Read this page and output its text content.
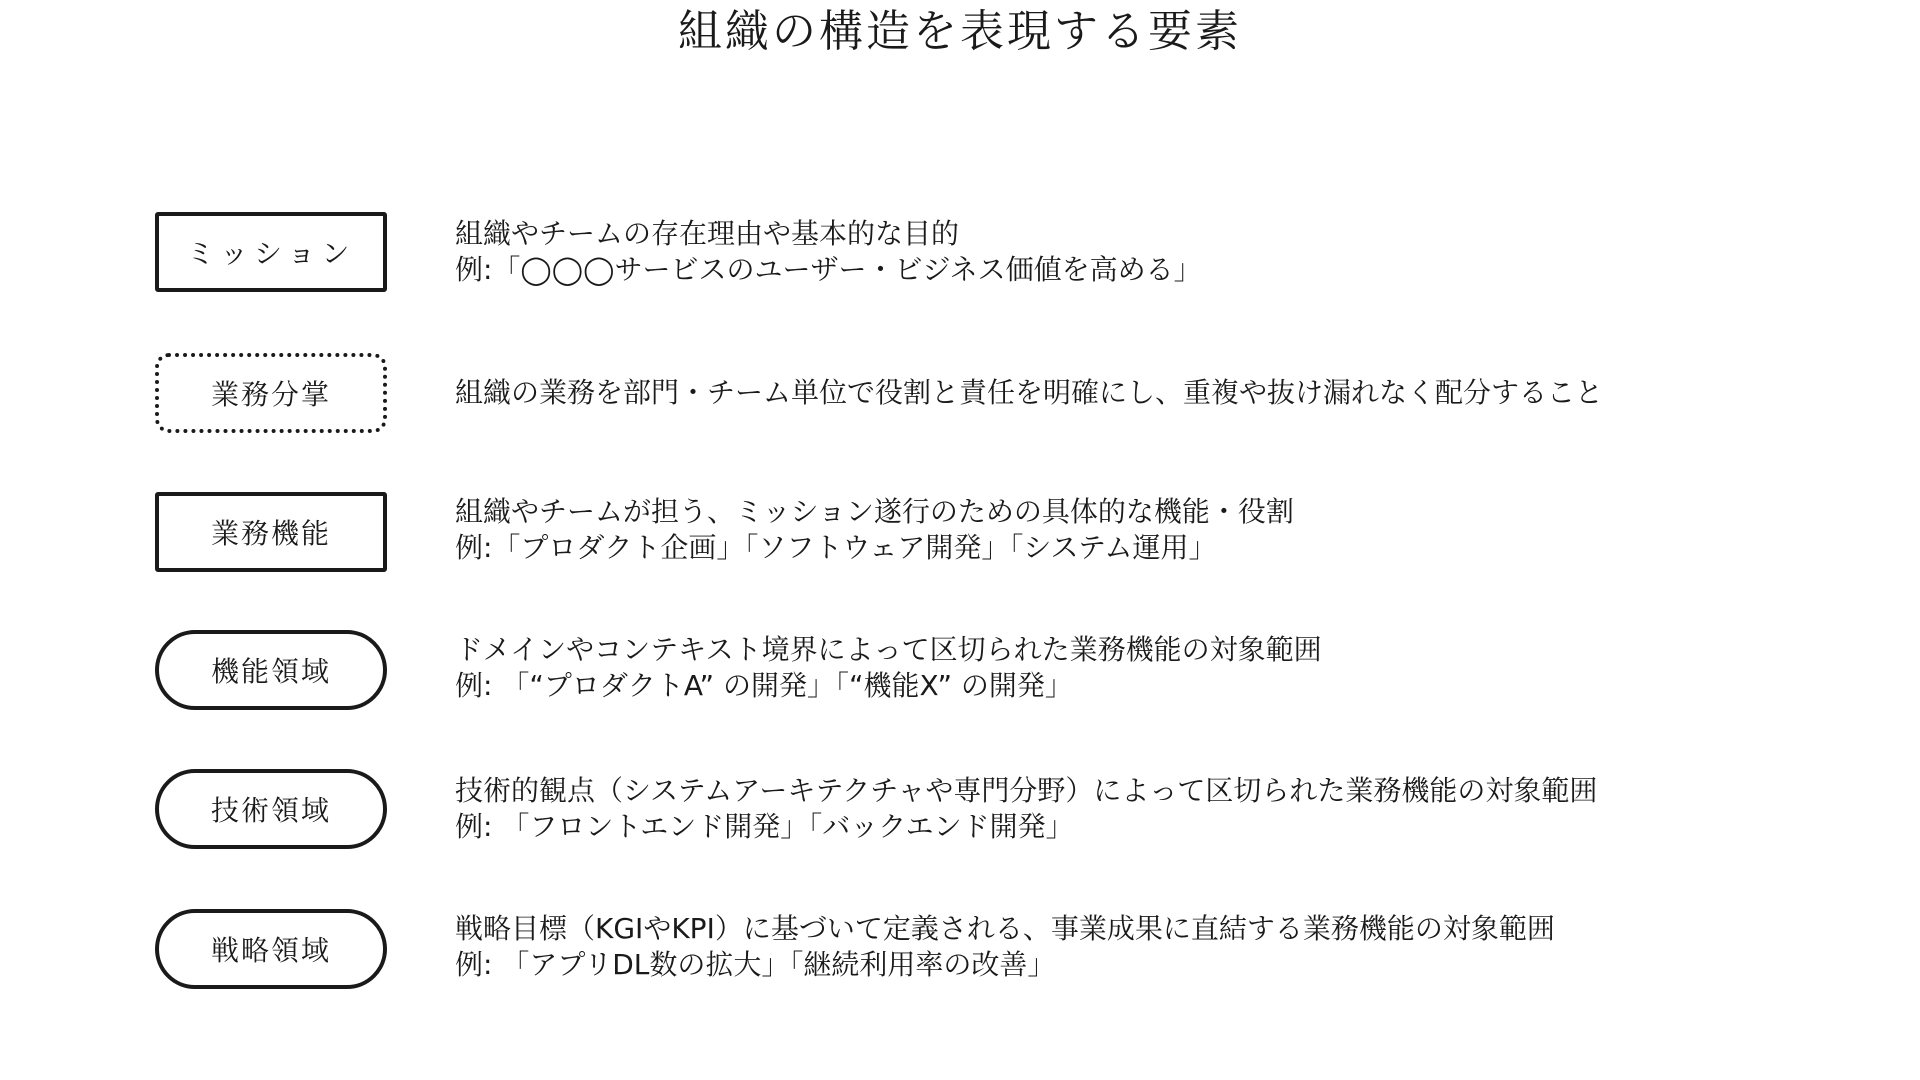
組織の構造を表現する要素
ミッション
組織やチームの存在理由や基本的な目的
例:「◯◯◯サービスのユーザー・ビジネス価値を高める」
業務分掌	組織の業務を部門・チーム単位で役割と責任を明確にし、重複や抜け漏れなく配分すること
業務機能
組織やチームが担う、ミッション遂行のための具体的な機能・役割
例:「プロダクト企画」「ソフトウェア開発」「システム運用」
機能領域
ドメインやコンテキスト境界によって区切られた業務機能の対象範囲
例: 「“プロダクトA” の開発」「“機能X” の開発」
技術領域
技術的観点（システムアーキテクチャや専門分野）によって区切られた業務機能の対象範囲
例: 「フロントエンド開発」「バックエンド開発」
戦略領域
戦略目標（KGIやKPI）に基づいて定義される、事業成果に直結する業務機能の対象範囲
例: 「アプリDL数の拡大」「継続利用率の改善」
